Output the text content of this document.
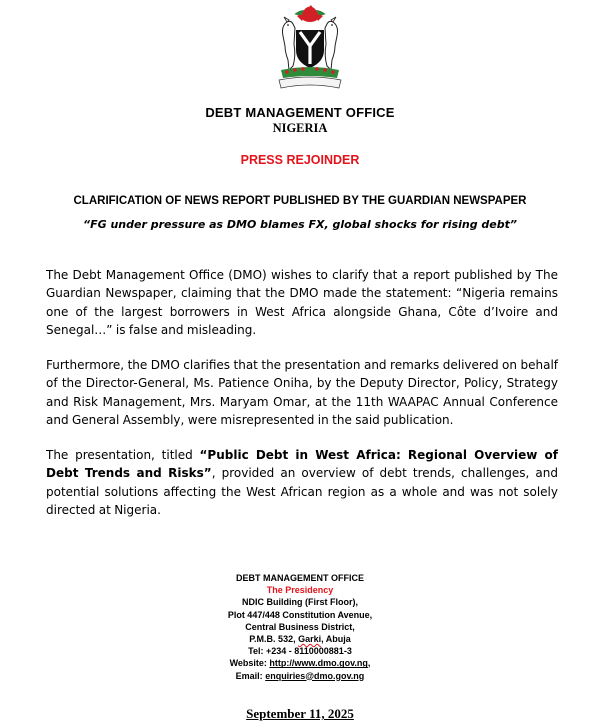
DEBT MANAGEMENT OFFICE
NIGERIA
PRESS REJOINDER
CLARIFICATION OF NEWS REPORT PUBLISHED BY THE GUARDIAN NEWSPAPER
“FG under pressure as DMO blames FX, global shocks for rising debt”
The Debt Management Office (DMO) wishes to clarify that a report published by The Guardian Newspaper, claiming that the DMO made the statement: “Nigeria remains one of the largest borrowers in West Africa alongside Ghana, Côte d’Ivoire and Senegal…” is false and misleading.
Furthermore, the DMO clarifies that the presentation and remarks delivered on behalf of the Director-General, Ms. Patience Oniha, by the Deputy Director, Policy, Strategy and Risk Management, Mrs. Maryam Omar, at the 11th WAAPAC Annual Conference and General Assembly, were misrepresented in the said publication.
The presentation, titled “Public Debt in West Africa: Regional Overview of Debt Trends and Risks”, provided an overview of debt trends, challenges, and potential solutions affecting the West African region as a whole and was not solely directed at Nigeria.
DEBT MANAGEMENT OFFICE
The Presidency
NDIC Building (First Floor),
Plot 447/448 Constitution Avenue,
Central Business District,
P.M.B. 532, Garki, Abuja
Tel: +234 - 8110000881-3
Website: http://www.dmo.gov.ng,
Email: enquiries@dmo.gov.ng
September 11, 2025
